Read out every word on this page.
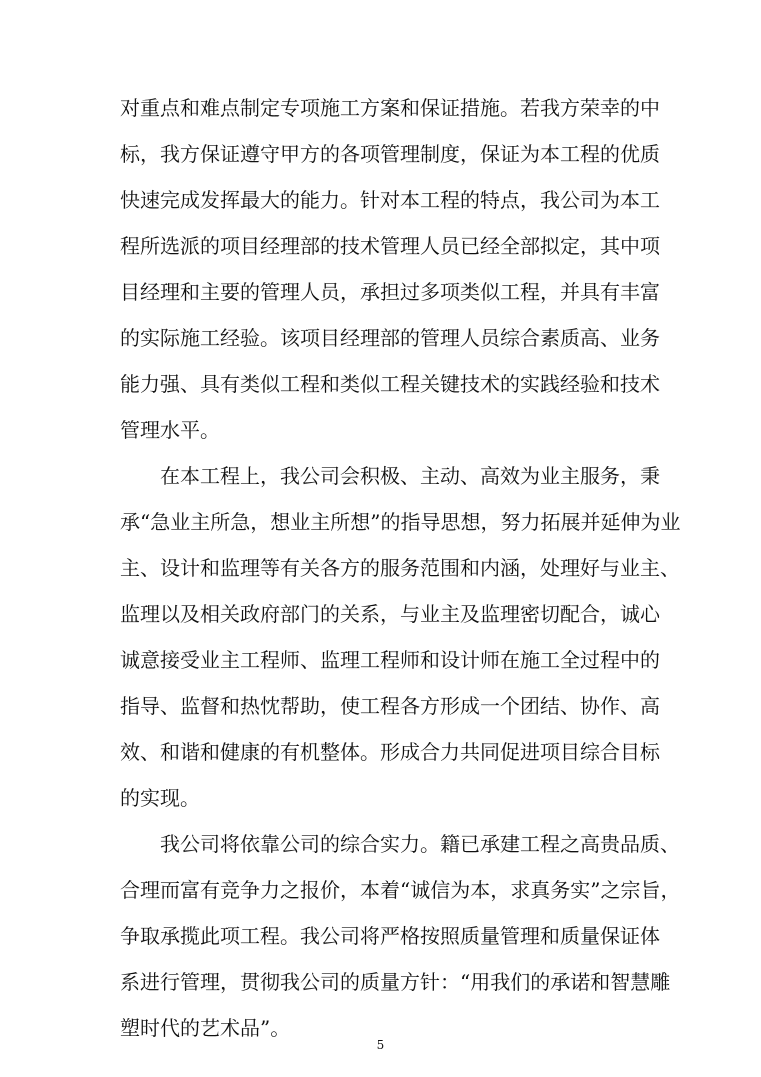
对重点和难点制定专项施工方案和保证措施。若我方荣幸的中
标，我方保证遵守甲方的各项管理制度，保证为本工程的优质
快速完成发挥最大的能力。针对本工程的特点，我公司为本工
程所选派的项目经理部的技术管理人员已经全部拟定，其中项
目经理和主要的管理人员，承担过多项类似工程，并具有丰富
的实际施工经验。该项目经理部的管理人员综合素质高、业务
能力强、具有类似工程和类似工程关键技术的实践经验和技术
管理水平。
在本工程上，我公司会积极、主动、高效为业主服务，秉
承“急业主所急，想业主所想”的指导思想，努力拓展并延伸为业
主、设计和监理等有关各方的服务范围和内涵，处理好与业主、
监理以及相关政府部门的关系，与业主及监理密切配合，诚心
诚意接受业主工程师、监理工程师和设计师在施工全过程中的
指导、监督和热忱帮助，使工程各方形成一个团结、协作、高
效、和谐和健康的有机整体。形成合力共同促进项目综合目标
的实现。
我公司将依靠公司的综合实力。籍已承建工程之高贵品质、
合理而富有竞争力之报价，本着“诚信为本，求真务实”之宗旨，
争取承揽此项工程。我公司将严格按照质量管理和质量保证体
系进行管理，贯彻我公司的质量方针：“用我们的承诺和智慧雕
塑时代的艺术品”。
5
